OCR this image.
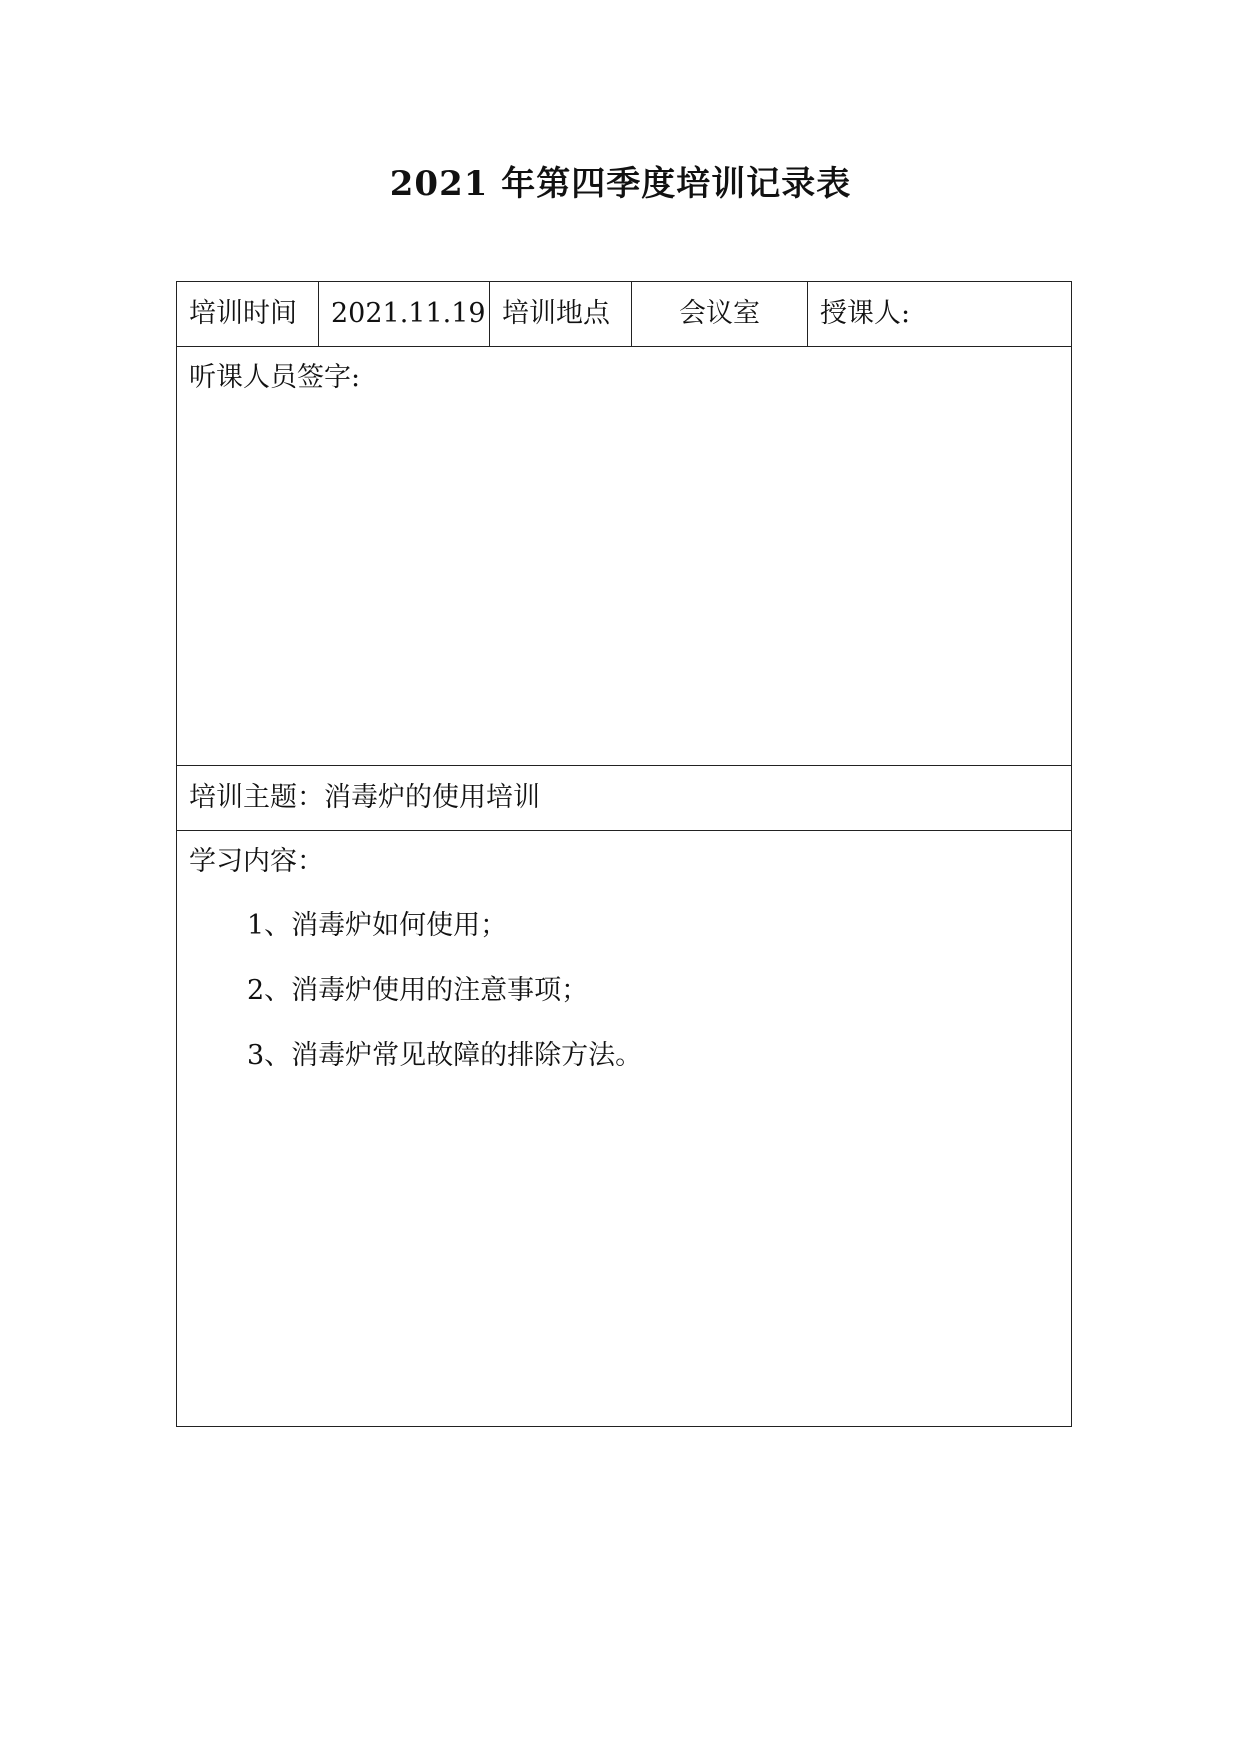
2021 年第四季度培训记录表
培训时间	2021.11.19	培训地点	会议室	授课人:
听课人员签字:
培训主题：消毒炉的使用培训

学习内容：
1、消毒炉如何使用；
2、消毒炉使用的注意事项；
3、消毒炉常见故障的排除方法。
